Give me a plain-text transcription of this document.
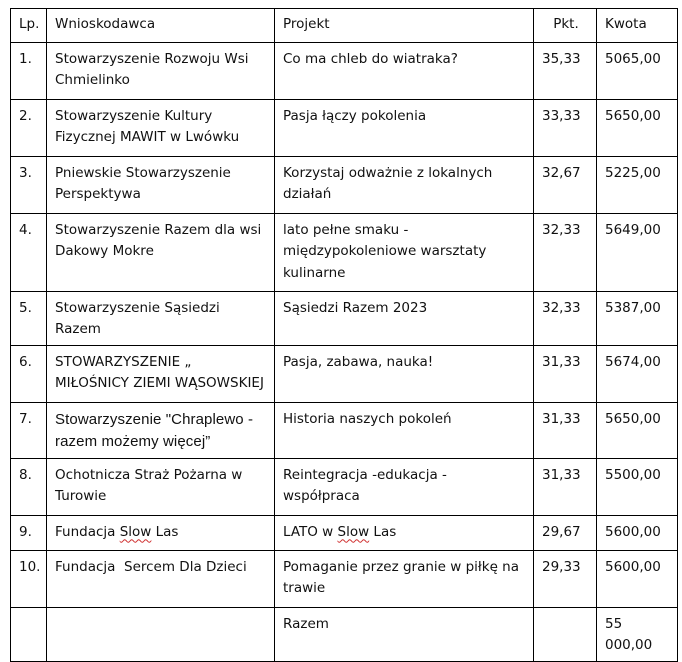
Lp.	Wnioskodawca	Projekt	Pkt.	Kwota
1.	Stowarzyszenie Rozwoju Wsi Chmielinko	Co ma chleb do wiatraka?	35,33	5065,00
2.	Stowarzyszenie Kultury Fizycznej MAWIT w Lwówku	Pasja łączy pokolenia	33,33	5650,00
3.	Pniewskie Stowarzyszenie Perspektywa	Korzystaj odważnie z lokalnych działań	32,67	5225,00
4.	Stowarzyszenie Razem dla wsi Dakowy Mokre	lato pełne smaku - międzypokoleniowe warsztaty kulinarne	32,33	5649,00
5.	Stowarzyszenie Sąsiedzi Razem	Sąsiedzi Razem 2023	32,33	5387,00
6.	STOWARZYSZENIE „ MIŁOŚNICY ZIEMI WĄSOWSKIEJ	Pasja, zabawa, nauka!	31,33	5674,00
7.	Stowarzyszenie "Chraplewo - razem możemy więcej”	Historia naszych pokoleń	31,33	5650,00
8.	Ochotnicza Straż Pożarna w Turowie	Reintegracja -edukacja - współpraca	31,33	5500,00
9.	Fundacja Slow Las	LATO w Slow Las	29,67	5600,00
10.	Fundacja  Sercem Dla Dzieci	Pomaganie przez granie w piłkę na trawie	29,33	5600,00
		Razem		55 000,00
